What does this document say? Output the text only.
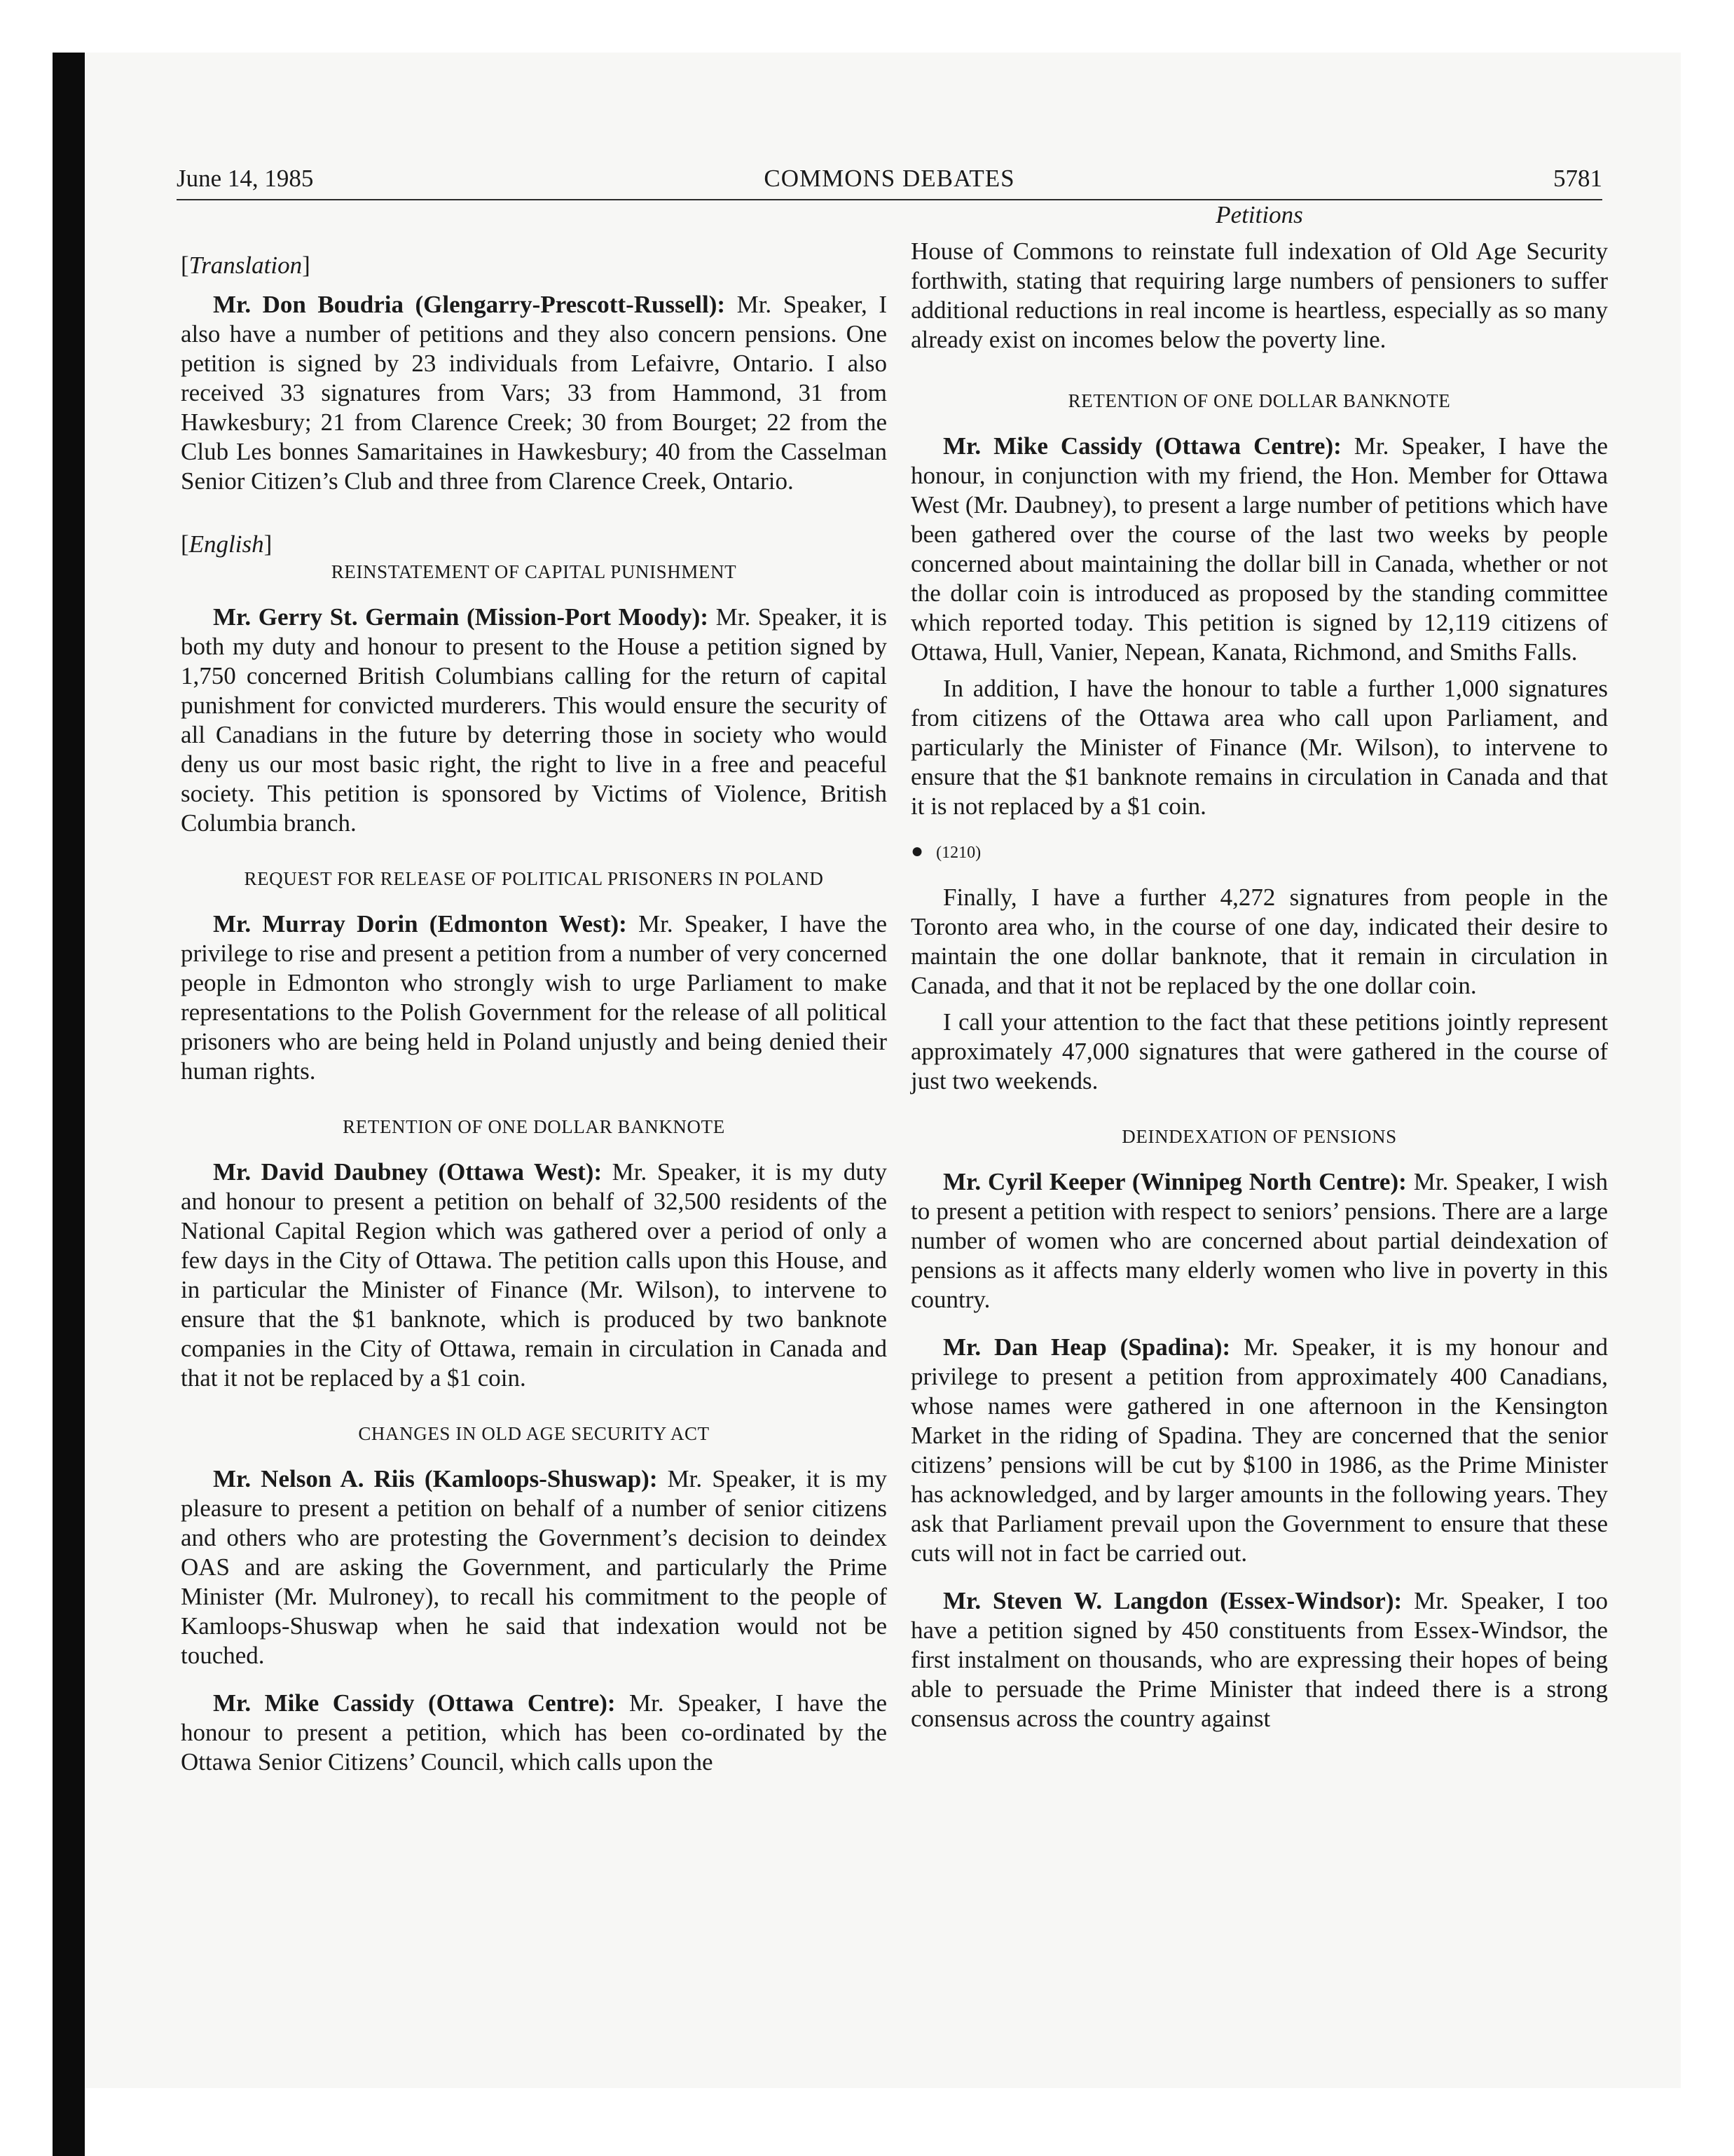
June 14, 1985	COMMONS DEBATES	5781

[Translation]

Mr. Don Boudria (Glengarry-Prescott-Russell): Mr. Speaker, I also have a number of petitions and they also concern pensions. One petition is signed by 23 individuals from Lefaivre, Ontario. I also received 33 signatures from Vars; 33 from Hammond, 31 from Hawkesbury; 21 from Clarence Creek; 30 from Bourget; 22 from the Club Les bonnes Samaritaines in Hawkesbury; 40 from the Casselman Senior Citizen’s Club and three from Clarence Creek, Ontario.

[English]

REINSTATEMENT OF CAPITAL PUNISHMENT

Mr. Gerry St. Germain (Mission-Port Moody): Mr. Speaker, it is both my duty and honour to present to the House a petition signed by 1,750 concerned British Columbians calling for the return of capital punishment for convicted murderers. This would ensure the security of all Canadians in the future by deterring those in society who would deny us our most basic right, the right to live in a free and peaceful society. This petition is sponsored by Victims of Violence, British Columbia branch.

REQUEST FOR RELEASE OF POLITICAL PRISONERS IN POLAND

Mr. Murray Dorin (Edmonton West): Mr. Speaker, I have the privilege to rise and present a petition from a number of very concerned people in Edmonton who strongly wish to urge Parliament to make representations to the Polish Government for the release of all political prisoners who are being held in Poland unjustly and being denied their human rights.

RETENTION OF ONE DOLLAR BANKNOTE

Mr. David Daubney (Ottawa West): Mr. Speaker, it is my duty and honour to present a petition on behalf of 32,500 residents of the National Capital Region which was gathered over a period of only a few days in the City of Ottawa. The petition calls upon this House, and in particular the Minister of Finance (Mr. Wilson), to intervene to ensure that the $1 banknote, which is produced by two banknote companies in the City of Ottawa, remain in circulation in Canada and that it not be replaced by a $1 coin.

CHANGES IN OLD AGE SECURITY ACT

Mr. Nelson A. Riis (Kamloops-Shuswap): Mr. Speaker, it is my pleasure to present a petition on behalf of a number of senior citizens and others who are protesting the Government’s decision to deindex OAS and are asking the Government, and particularly the Prime Minister (Mr. Mulroney), to recall his commitment to the people of Kamloops-Shuswap when he said that indexation would not be touched.

Mr. Mike Cassidy (Ottawa Centre): Mr. Speaker, I have the honour to present a petition, which has been co-ordinated by the Ottawa Senior Citizens’ Council, which calls upon the

Petitions

House of Commons to reinstate full indexation of Old Age Security forthwith, stating that requiring large numbers of pensioners to suffer additional reductions in real income is heartless, especially as so many already exist on incomes below the poverty line.

RETENTION OF ONE DOLLAR BANKNOTE

Mr. Mike Cassidy (Ottawa Centre): Mr. Speaker, I have the honour, in conjunction with my friend, the Hon. Member for Ottawa West (Mr. Daubney), to present a large number of petitions which have been gathered over the course of the last two weeks by people concerned about maintaining the dollar bill in Canada, whether or not the dollar coin is introduced as proposed by the standing committee which reported today. This petition is signed by 12,119 citizens of Ottawa, Hull, Vanier, Nepean, Kanata, Richmond, and Smiths Falls.

In addition, I have the honour to table a further 1,000 signatures from citizens of the Ottawa area who call upon Parliament, and particularly the Minister of Finance (Mr. Wilson), to intervene to ensure that the $1 banknote remains in circulation in Canada and that it is not replaced by a $1 coin.

● (1210)

Finally, I have a further 4,272 signatures from people in the Toronto area who, in the course of one day, indicated their desire to maintain the one dollar banknote, that it remain in circulation in Canada, and that it not be replaced by the one dollar coin.

I call your attention to the fact that these petitions jointly represent approximately 47,000 signatures that were gathered in the course of just two weekends.

DEINDEXATION OF PENSIONS

Mr. Cyril Keeper (Winnipeg North Centre): Mr. Speaker, I wish to present a petition with respect to seniors’ pensions. There are a large number of women who are concerned about partial deindexation of pensions as it affects many elderly women who live in poverty in this country.

Mr. Dan Heap (Spadina): Mr. Speaker, it is my honour and privilege to present a petition from approximately 400 Canadians, whose names were gathered in one afternoon in the Kensington Market in the riding of Spadina. They are concerned that the senior citizens’ pensions will be cut by $100 in 1986, as the Prime Minister has acknowledged, and by larger amounts in the following years. They ask that Parliament prevail upon the Government to ensure that these cuts will not in fact be carried out.

Mr. Steven W. Langdon (Essex-Windsor): Mr. Speaker, I too have a petition signed by 450 constituents from Essex-Windsor, the first instalment on thousands, who are expressing their hopes of being able to persuade the Prime Minister that indeed there is a strong consensus across the country against
